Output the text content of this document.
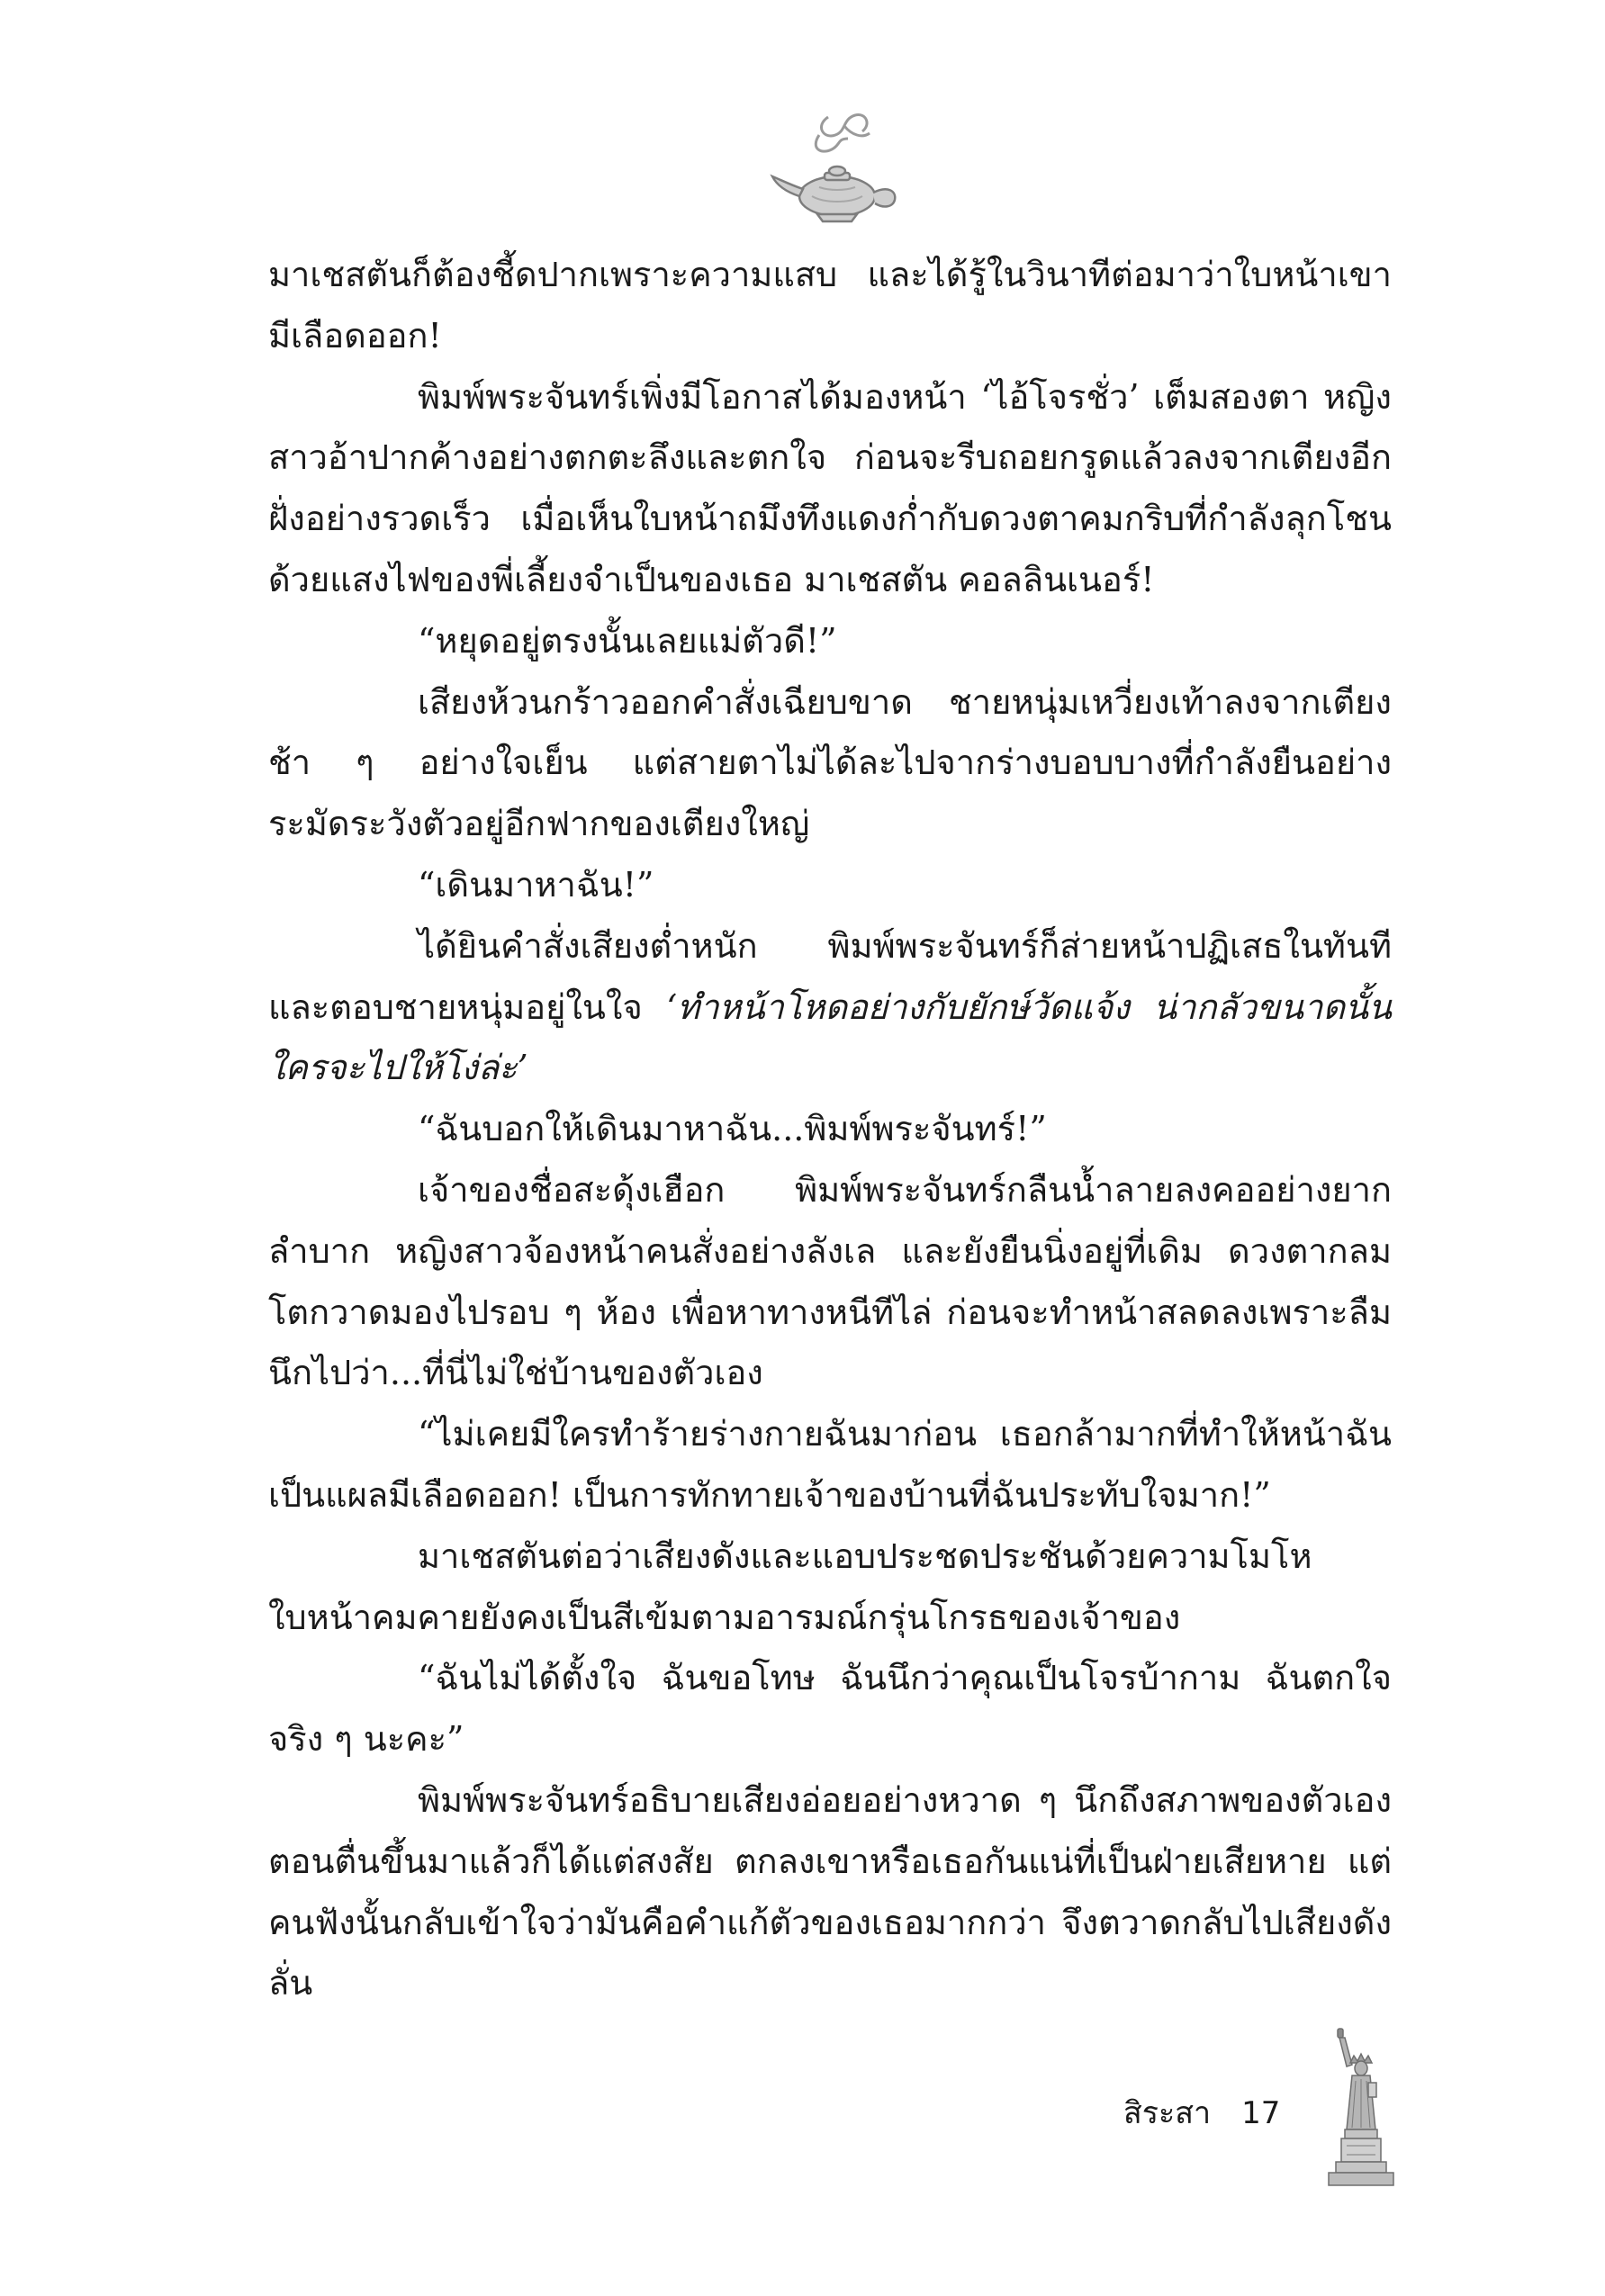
มาเชสตันก็ต้องชี้ดปากเพราะความแสบ และได้รู้ในวินาทีต่อมาว่าใบหน้าเขามีเลือดออก!

พิมพ์พระจันทร์เพิ่งมีโอกาสได้มองหน้า ‘ไอ้โจรชั่ว’ เต็มสองตา หญิงสาวอ้าปากค้างอย่างตกตะลึงและตกใจ ก่อนจะรีบถอยกรูดแล้วลงจากเตียงอีกฝั่งอย่างรวดเร็ว เมื่อเห็นใบหน้าถมึงทึงแดงก่ำกับดวงตาคมกริบที่กำลังลุกโชนด้วยแสงไฟของพี่เลี้ยงจำเป็นของเธอ มาเชสตัน คอลลินเนอร์!

“หยุดอยู่ตรงนั้นเลยแม่ตัวดี!”

เสียงห้วนกร้าวออกคำสั่งเฉียบขาด ชายหนุ่มเหวี่ยงเท้าลงจากเตียงช้า ๆ อย่างใจเย็น แต่สายตาไม่ได้ละไปจากร่างบอบบางที่กำลังยืนอย่างระมัดระวังตัวอยู่อีกฟากของเตียงใหญ่

“เดินมาหาฉัน!”

ได้ยินคำสั่งเสียงต่ำหนัก พิมพ์พระจันทร์ก็ส่ายหน้าปฏิเสธในทันทีและตอบชายหนุ่มอยู่ในใจ ‘ทำหน้าโหดอย่างกับยักษ์วัดแจ้ง น่ากลัวขนาดนั้นใครจะไปให้โง่ล่ะ’

“ฉันบอกให้เดินมาหาฉัน...พิมพ์พระจันทร์!”

เจ้าของชื่อสะดุ้งเฮือก พิมพ์พระจันทร์กลืนน้ำลายลงคออย่างยากลำบาก หญิงสาวจ้องหน้าคนสั่งอย่างลังเล และยังยืนนิ่งอยู่ที่เดิม ดวงตากลมโตกวาดมองไปรอบ ๆ ห้อง เพื่อหาทางหนีทีไล่ ก่อนจะทำหน้าสลดลงเพราะลืมนึกไปว่า...ที่นี่ไม่ใช่บ้านของตัวเอง

“ไม่เคยมีใครทำร้ายร่างกายฉันมาก่อน เธอกล้ามากที่ทำให้หน้าฉันเป็นแผลมีเลือดออก! เป็นการทักทายเจ้าของบ้านที่ฉันประทับใจมาก!”

มาเชสตันต่อว่าเสียงดังและแอบประชดประชันด้วยความโมโห ใบหน้าคมคายยังคงเป็นสีเข้มตามอารมณ์กรุ่นโกรธของเจ้าของ

“ฉันไม่ได้ตั้งใจ ฉันขอโทษ ฉันนึกว่าคุณเป็นโจรบ้ากาม ฉันตกใจจริง ๆ นะคะ”

พิมพ์พระจันทร์อธิบายเสียงอ่อยอย่างหวาด ๆ นึกถึงสภาพของตัวเองตอนตื่นขึ้นมาแล้วก็ได้แต่สงสัย ตกลงเขาหรือเธอกันแน่ที่เป็นฝ่ายเสียหาย แต่คนฟังนั้นกลับเข้าใจว่ามันคือคำแก้ตัวของเธอมากกว่า จึงตวาดกลับไปเสียงดังลั่น

สิระสา 17
